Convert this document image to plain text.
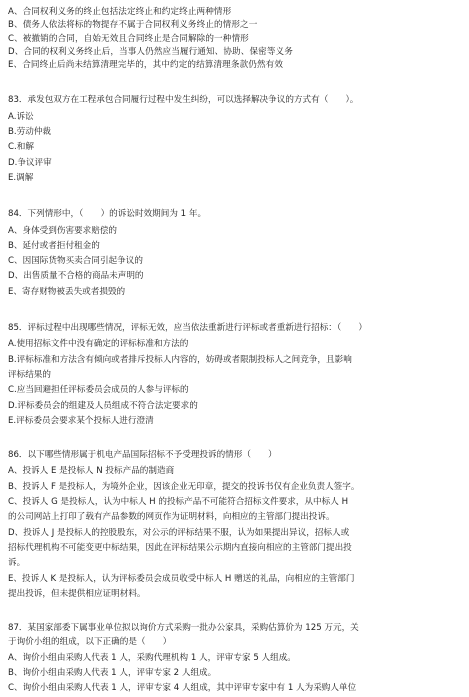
A、合同权利义务的终止包括法定终止和约定终止两种情形
B、债务人依法将标的物提存不属于合同权利义务终止的情形之一
C、被撤销的合同，自始无效且合同终止是合同解除的一种情形
D、合同的权利义务终止后，当事人仍然应当履行通知、协助、保密等义务
E、合同终止后尚未结算清理完毕的，其中约定的结算清理条款仍然有效
83．承发包双方在工程承包合同履行过程中发生纠纷，可以选择解决争议的方式有（　　）。
A.诉讼
B.劳动仲裁
C.和解
D.争议评审
E.调解
84．下列情形中，（　　）的诉讼时效期间为 1 年。
A、身体受到伤害要求赔偿的
B、延付或者拒付租金的
C、因国际货物买卖合同引起争议的
D、出售质量不合格的商品未声明的
E、寄存财物被丢失或者损毁的
85．评标过程中出现哪些情况，评标无效，应当依法重新进行评标或者重新进行招标：（　　）
A.使用招标文件中没有确定的评标标准和方法的
B.评标标准和方法含有倾向或者排斥投标人内容的，妨碍或者限制投标人之间竞争，且影响
评标结果的
C.应当回避担任评标委员会成员的人参与评标的
D.评标委员会的组建及人员组成不符合法定要求的
E.评标委员会要求某个投标人进行澄清
86．以下哪些情形属于机电产品国际招标不予受理投诉的情形（　　）
A、投诉人 E 是投标人 N 投标产品的制造商
B、投诉人 F 是投标人，为境外企业，因该企业无印章，提交的投诉书仅有企业负责人签字。
C、投诉人 G 是投标人，认为中标人 H 的投标产品不可能符合招标文件要求，从中标人 H
的公司网站上打印了载有产品参数的网页作为证明材料，向相应的主管部门提出投诉。
D、投诉人 J 是投标人的控股股东，对公示的评标结果不服，认为如果提出异议，招标人或
招标代理机构不可能变更中标结果，因此在评标结果公示期内直接向相应的主管部门提出投
诉。
E、投诉人 K 是投标人，认为评标委员会成员收受中标人 H 赠送的礼品，向相应的主管部门
提出投诉，但未提供相应证明材料。
87．某国家部委下属事业单位拟以询价方式采购一批办公家具，采购估算价为 125 万元，关
于询价小组的组成，以下正确的是（　　）
A、询价小组由采购人代表 1 人，采购代理机构 1 人，评审专家 5 人组成。
B、询价小组由采购人代表 1 人，评审专家 2 人组成。
C、询价小组由采购人代表 1 人，评审专家 4 人组成，其中评审专家中有 1 人为采购人单位
